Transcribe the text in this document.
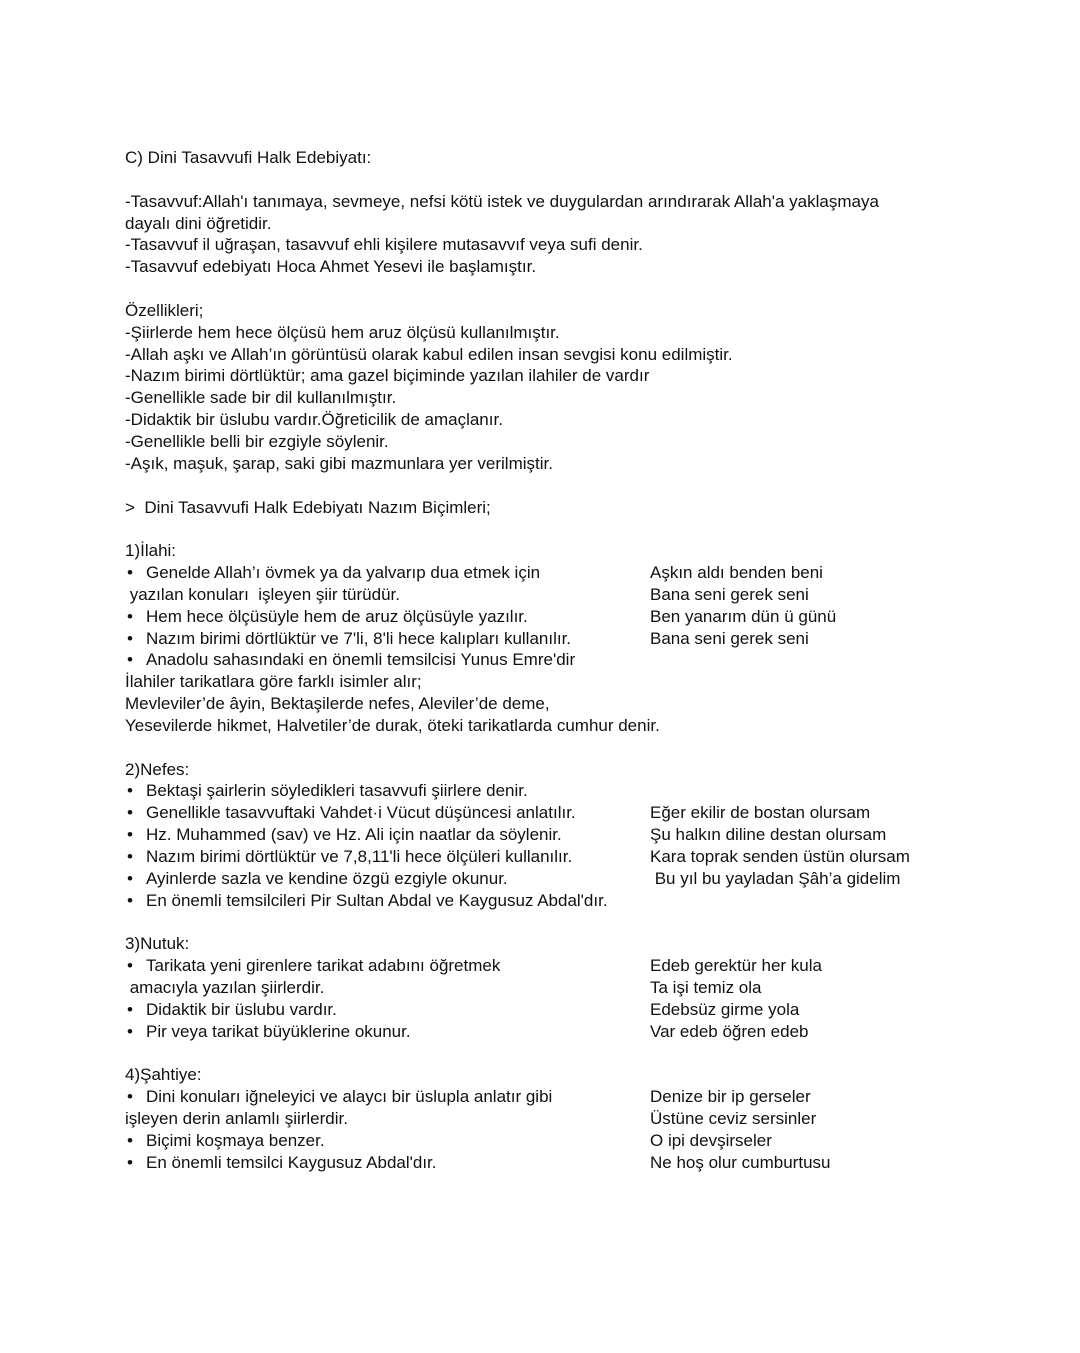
C) Dini Tasavvufi Halk Edebiyatı:
-Tasavvuf:Allah'ı tanımaya, sevmeye, nefsi kötü istek ve duygulardan arındırarak Allah'a yaklaşmaya
dayalı dini öğretidir.
-Tasavvuf il uğraşan, tasavvuf ehli kişilere mutasavvıf veya sufi denir.
-Tasavvuf edebiyatı Hoca Ahmet Yesevi ile başlamıştır.
Özellikleri;
-Şiirlerde hem hece ölçüsü hem aruz ölçüsü kullanılmıştır.
-Allah aşkı ve Allah’ın görüntüsü olarak kabul edilen insan sevgisi konu edilmiştir.
-Nazım birimi dörtlüktür; ama gazel biçiminde yazılan ilahiler de vardır
-Genellikle sade bir dil kullanılmıştır.
-Didaktik bir üslubu vardır.Öğreticilik de amaçlanır.
-Genellikle belli bir ezgiyle söylenir.
-Aşık, maşuk, şarap, saki gibi mazmunlara yer verilmiştir.
>  Dini Tasavvufi Halk Edebiyatı Nazım Biçimleri;
1)İlahi:
• Genelde Allah’ı övmek ya da yalvarıp dua etmek için	Aşkın aldı benden beni
yazılan konuları  işleyen şiir türüdür.	Bana seni gerek seni
• Hem hece ölçüsüyle hem de aruz ölçüsüyle yazılır.	Ben yanarım dün ü günü
• Nazım birimi dörtlüktür ve 7'li, 8'li hece kalıpları kullanılır.	Bana seni gerek seni
• Anadolu sahasındaki en önemli temsilcisi Yunus Emre'dir
İlahiler tarikatlara göre farklı isimler alır;
Mevleviler’de âyin, Bektaşilerde nefes, Aleviler’de deme,
Yesevilerde hikmet, Halvetiler’de durak, öteki tarikatlarda cumhur denir.
2)Nefes:
• Bektaşi şairlerin söyledikleri tasavvufi şiirlere denir.
• Genellikle tasavvuftaki Vahdet·i Vücut düşüncesi anlatılır.	Eğer ekilir de bostan olursam
• Hz. Muhammed (sav) ve Hz. Ali için naatlar da söylenir.	Şu halkın diline destan olursam
• Nazım birimi dörtlüktür ve 7,8,11'li hece ölçüleri kullanılır.	Kara toprak senden üstün olursam
• Ayinlerde sazla ve kendine özgü ezgiyle okunur.	Bu yıl bu yayladan Şâh’a gidelim
• En önemli temsilcileri Pir Sultan Abdal ve Kaygusuz Abdal'dır.
3)Nutuk:
• Tarikata yeni girenlere tarikat adabını öğretmek	Edeb gerektür her kula
amacıyla yazılan şiirlerdir.	Ta işi temiz ola
• Didaktik bir üslubu vardır.	Edebsüz girme yola
• Pir veya tarikat büyüklerine okunur.	Var edeb öğren edeb
4)Şahtiye:
• Dini konuları iğneleyici ve alaycı bir üslupla anlatır gibi	Denize bir ip gerseler
işleyen derin anlamlı şiirlerdir.	Üstüne ceviz sersinler
• Biçimi koşmaya benzer.	O ipi devşirseler
• En önemli temsilci Kaygusuz Abdal'dır.	Ne hoş olur cumburtusu
